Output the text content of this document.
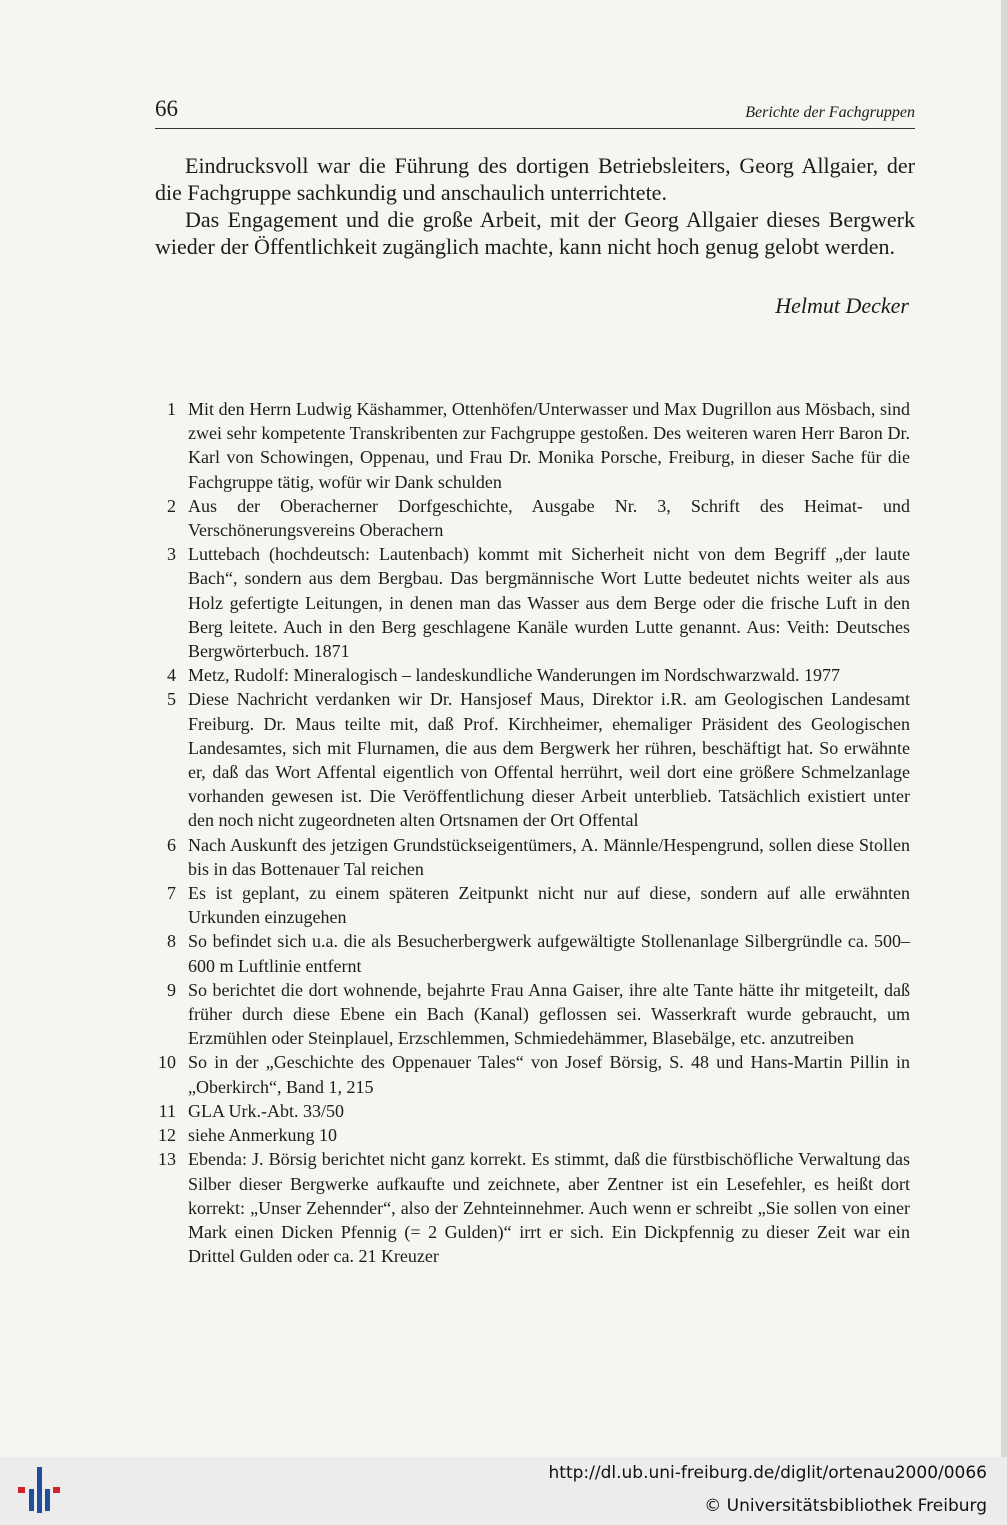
66	Berichte der Fachgruppen

Eindrucksvoll war die Führung des dortigen Betriebsleiters, Georg Allgaier, der die Fachgruppe sachkundig und anschaulich unterrichtete.

Das Engagement und die große Arbeit, mit der Georg Allgaier dieses Bergwerk wieder der Öffentlichkeit zugänglich machte, kann nicht hoch genug gelobt werden.

Helmut Decker
1 Mit den Herrn Ludwig Käshammer, Ottenhöfen/Unterwasser und Max Dugrillon aus Mösbach, sind zwei sehr kompetente Transkribenten zur Fachgruppe gestoßen. Des weiteren waren Herr Baron Dr. Karl von Schowingen, Oppenau, und Frau Dr. Monika Porsche, Freiburg, in dieser Sache für die Fachgruppe tätig, wofür wir Dank schulden
2 Aus der Oberacherner Dorfgeschichte, Ausgabe Nr. 3, Schrift des Heimat- und Verschönerungsvereins Oberachern
3 Luttebach (hochdeutsch: Lautenbach) kommt mit Sicherheit nicht von dem Begriff „der laute Bach“, sondern aus dem Bergbau. Das bergmännische Wort Lutte bedeutet nichts weiter als aus Holz gefertigte Leitungen, in denen man das Wasser aus dem Berge oder die frische Luft in den Berg leitete. Auch in den Berg geschlagene Kanäle wurden Lutte genannt. Aus: Veith: Deutsches Bergwörterbuch. 1871
4 Metz, Rudolf: Mineralogisch – landeskundliche Wanderungen im Nordschwarzwald. 1977
5 Diese Nachricht verdanken wir Dr. Hansjosef Maus, Direktor i.R. am Geologischen Landesamt Freiburg. Dr. Maus teilte mit, daß Prof. Kirchheimer, ehemaliger Präsident des Geologischen Landesamtes, sich mit Flurnamen, die aus dem Bergwerk her rühren, beschäftigt hat. So erwähnte er, daß das Wort Affental eigentlich von Offental herrührt, weil dort eine größere Schmelzanlage vorhanden gewesen ist. Die Veröffentlichung dieser Arbeit unterblieb. Tatsächlich existiert unter den noch nicht zugeordneten alten Ortsnamen der Ort Offental
6 Nach Auskunft des jetzigen Grundstückseigentümers, A. Männle/Hespengrund, sollen diese Stollen bis in das Bottenauer Tal reichen
7 Es ist geplant, zu einem späteren Zeitpunkt nicht nur auf diese, sondern auf alle erwähnten Urkunden einzugehen
8 So befindet sich u.a. die als Besucherbergwerk aufgewältigte Stollenanlage Silbergründle ca. 500–600 m Luftlinie entfernt
9 So berichtet die dort wohnende, bejahrte Frau Anna Gaiser, ihre alte Tante hätte ihr mitgeteilt, daß früher durch diese Ebene ein Bach (Kanal) geflossen sei. Wasserkraft wurde gebraucht, um Erzmühlen oder Steinplauel, Erzschlemmen, Schmiedehämmer, Blasebälge, etc. anzutreiben
10 So in der „Geschichte des Oppenauer Tales“ von Josef Börsig, S. 48 und Hans-Martin Pillin in „Oberkirch“, Band 1, 215
11 GLA Urk.-Abt. 33/50
12 siehe Anmerkung 10
13 Ebenda: J. Börsig berichtet nicht ganz korrekt. Es stimmt, daß die fürstbischöfliche Verwaltung das Silber dieser Bergwerke aufkaufte und zeichnete, aber Zentner ist ein Lesefehler, es heißt dort korrekt: „Unser Zehennder“, also der Zehnteinnehmer. Auch wenn er schreibt „Sie sollen von einer Mark einen Dicken Pfennig (= 2 Gulden)“ irrt er sich. Ein Dickpfennig zu dieser Zeit war ein Drittel Gulden oder ca. 21 Kreuzer
http://dl.ub.uni-freiburg.de/diglit/ortenau2000/0066
© Universitätsbibliothek Freiburg
